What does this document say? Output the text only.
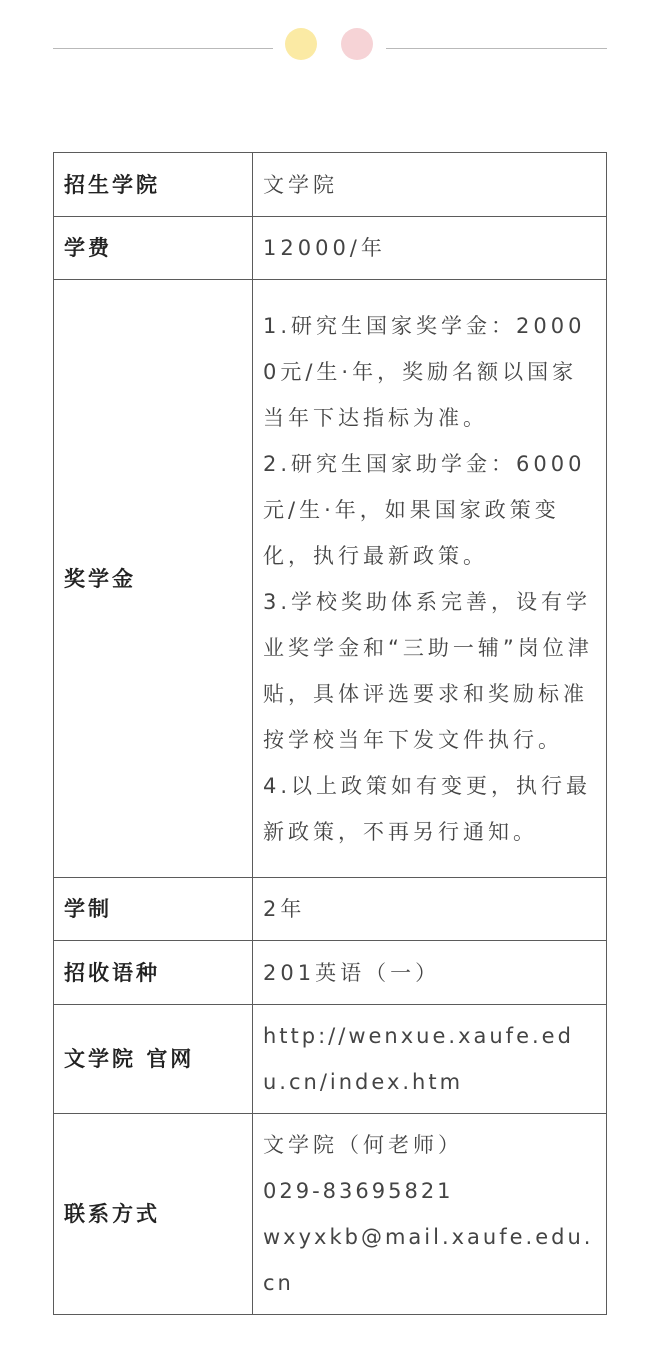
招生学院	文学院

学费	12000/年

奖学金	1.研究生国家奖学金：20000元/生·年，奖励名额以国家当年下达指标为准。
2.研究生国家助学金：6000元/生·年，如果国家政策变化，执行最新政策。
3.学校奖助体系完善，设有学业奖学金和“三助一辅”岗位津贴，具体评选要求和奖励标准按学校当年下发文件执行。
4.以上政策如有变更，执行最新政策，不再另行通知。

学制	2年

招收语种	201英语（一）

文学院 官网	http://wenxue.xaufe.edu.cn/index.htm

联系方式	文学院（何老师）
029-83695821
wxyxkb@mail.xaufe.edu.cn
